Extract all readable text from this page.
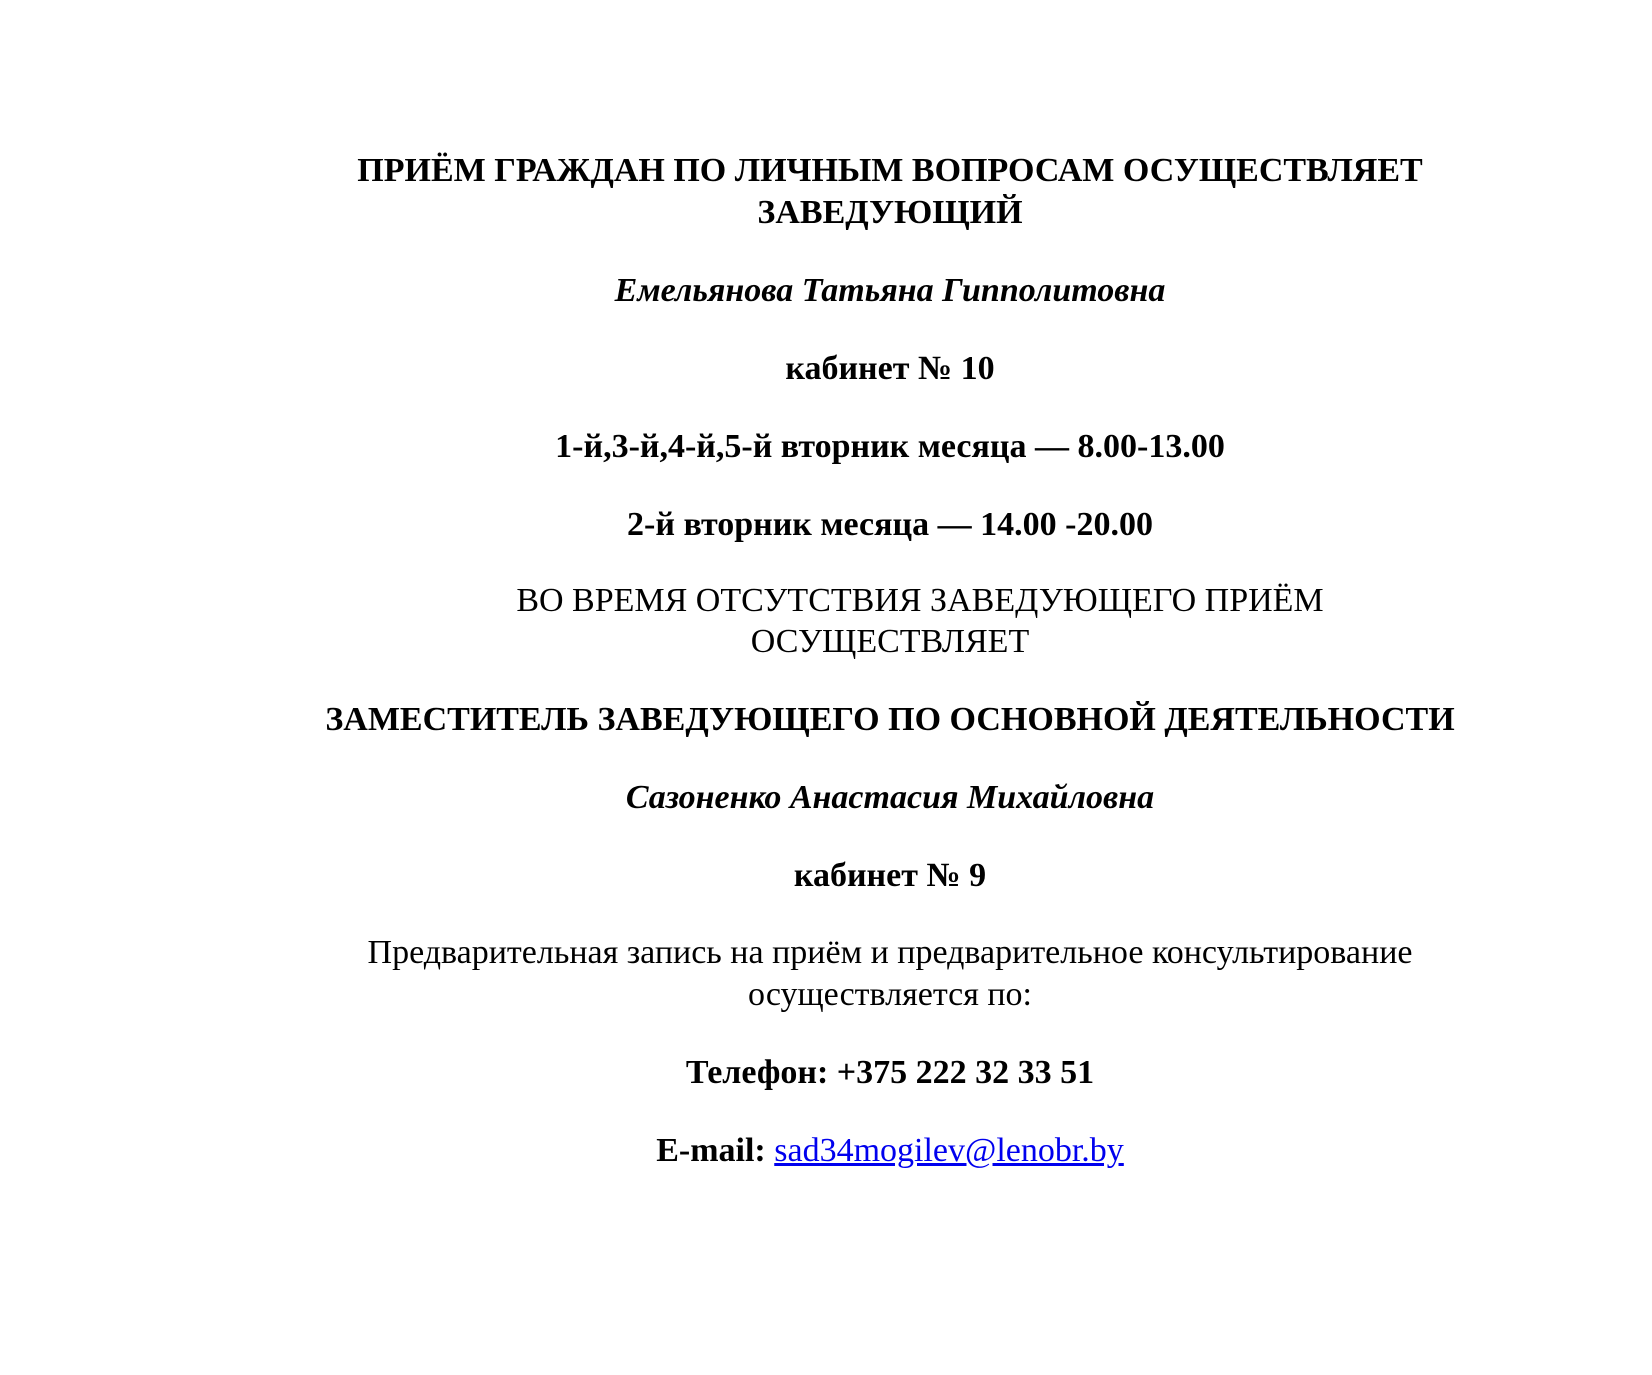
ПРИЁМ ГРАЖДАН ПО ЛИЧНЫМ ВОПРОСАМ ОСУЩЕСТВЛЯЕТ
ЗАВЕДУЮЩИЙ
Емельянова Татьяна Гипполитовна
кабинет № 10
1-й,3-й,4-й,5-й вторник месяца — 8.00-13.00
2-й вторник месяца — 14.00 -20.00
ВО ВРЕМЯ ОТСУТСТВИЯ ЗАВЕДУЮЩЕГО ПРИЁМ
ОСУЩЕСТВЛЯЕТ
ЗАМЕСТИТЕЛЬ ЗАВЕДУЮЩЕГО ПО ОСНОВНОЙ ДЕЯТЕЛЬНОСТИ
Сазоненко Анастасия Михайловна
кабинет № 9
Предварительная запись на приём и предварительное консультирование
осуществляется по:
Телефон: +375 222 32 33 51
E-mail: sad34mogilev@lenobr.by
